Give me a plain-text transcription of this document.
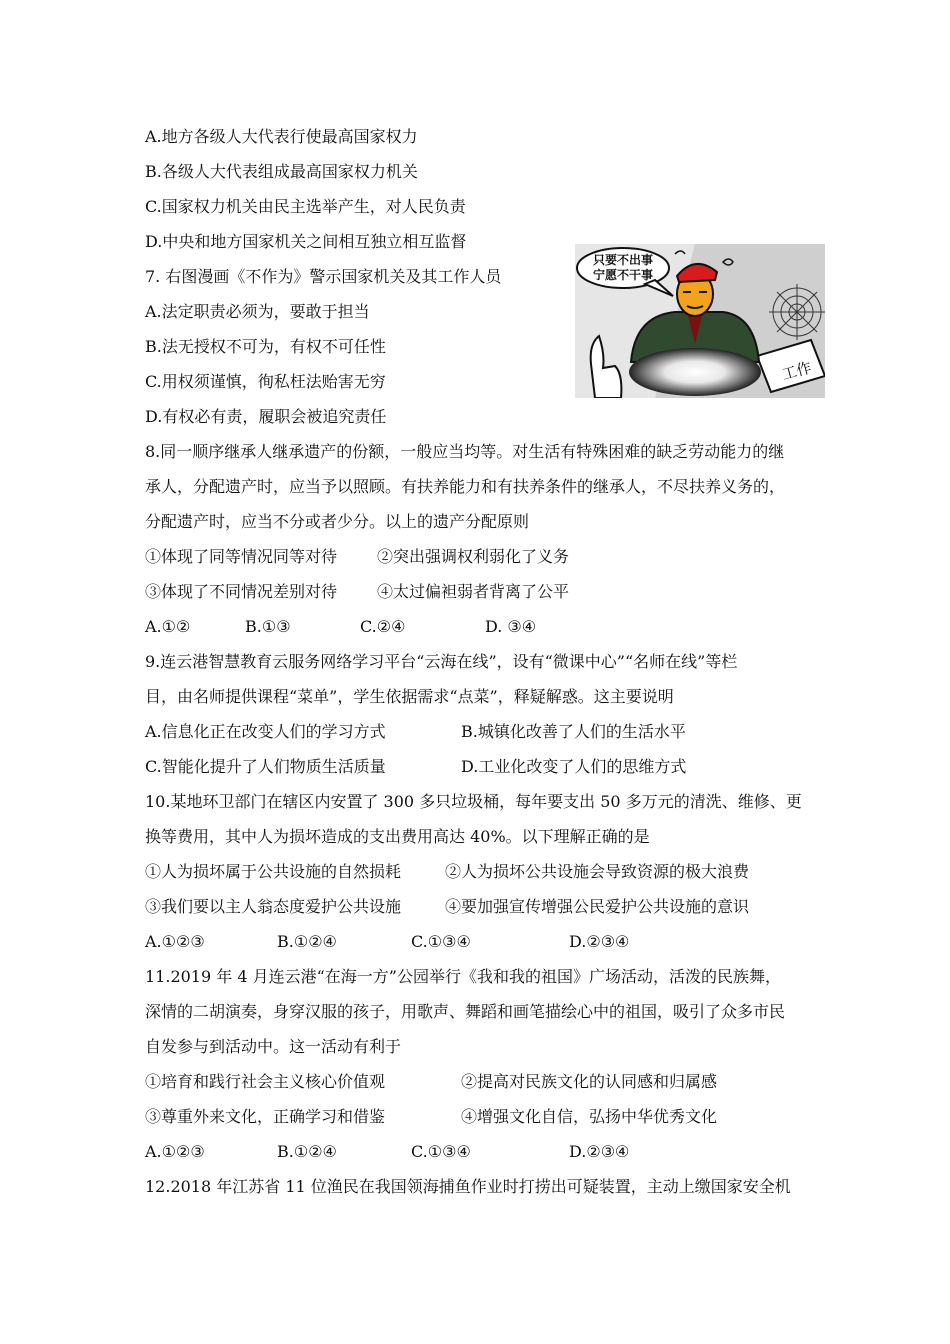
A.地方各级人大代表行使最高国家权力
B.各级人大代表组成最高国家权力机关
C.国家权力机关由民主选举产生，对人民负责
D.中央和地方国家机关之间相互独立相互监督
7. 右图漫画《不作为》警示国家机关及其工作人员
A.法定职责必须为，要敢于担当
B.法无授权不可为，有权不可任性
C.用权须谨慎，徇私枉法贻害无穷
D.有权必有责，履职会被追究责任
只要不出事
宁愿不干事
工作
8.同一顺序继承人继承遗产的份额，一般应当均等。对生活有特殊困难的缺乏劳动能力的继
承人，分配遗产时，应当予以照顾。有扶养能力和有扶养条件的继承人，不尽扶养义务的，
分配遗产时，应当不分或者少分。以上的遗产分配原则
①体现了同等情况同等对待 ②突出强调权利弱化了义务
③体现了不同情况差别对待 ④太过偏袒弱者背离了公平
A.①②	B.①③	C.②④	D. ③④
9.连云港智慧教育云服务网络学习平台“云海在线”，设有“微课中心”“名师在线”等栏
目，由名师提供课程“菜单”，学生依据需求“点菜”，释疑解惑。这主要说明
A.信息化正在改变人们的学习方式	B.城镇化改善了人们的生活水平
C.智能化提升了人们物质生活质量	D.工业化改变了人们的思维方式
10.某地环卫部门在辖区内安置了 300 多只垃圾桶，每年要支出 50 多万元的清洗、维修、更
换等费用，其中人为损坏造成的支出费用高达 40%。以下理解正确的是
①人为损坏属于公共设施的自然损耗	②人为损坏公共设施会导致资源的极大浪费
③我们要以主人翁态度爱护公共设施	④要加强宣传增强公民爱护公共设施的意识
A.①②③	B.①②④	C.①③④	D.②③④
11.2019 年 4 月连云港“在海一方”公园举行《我和我的祖国》广场活动，活泼的民族舞，
深情的二胡演奏，身穿汉服的孩子，用歌声、舞蹈和画笔描绘心中的祖国，吸引了众多市民
自发参与到活动中。这一活动有利于
①培育和践行社会主义核心价值观	②提高对民族文化的认同感和归属感
③尊重外来文化，正确学习和借鉴	④增强文化自信，弘扬中华优秀文化
A.①②③	B.①②④	C.①③④	D.②③④
12.2018 年江苏省 11 位渔民在我国领海捕鱼作业时打捞出可疑装置，主动上缴国家安全机
